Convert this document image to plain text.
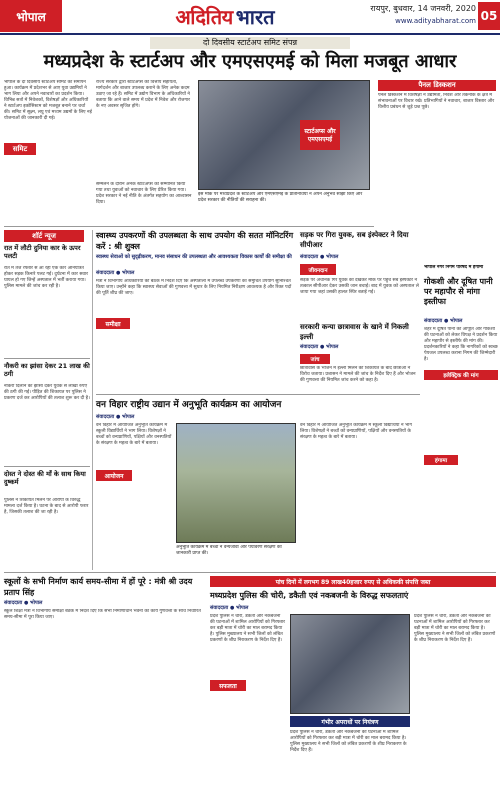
भोपाल	अदितिय भारत	रायपुर, बुधवार, 14 जनवरी, 2020
www.adityabharat.com 05
दो दिवसीय स्टार्टअप समिट संपन्न
मध्यप्रदेश के स्टार्टअप और एमएसएमई को मिला मजबूत आधार

भोपाल के दो दिवसीय स्टार्टअप समिट का समापन हुआ। कार्यक्रम में प्रदेशभर से आए युवा उद्यमियों ने भाग लिया और अपने नवाचारों का प्रदर्शन किया। विभिन्न सत्रों में निवेशकों, विशेषज्ञों और अधिकारियों ने स्टार्टअप इकोसिस्टम को मजबूत बनाने पर चर्चा की। समिट में सूक्ष्म, लघु एवं मध्यम उद्यमों के लिए नई योजनाओं की जानकारी दी गई।

समिट

राज्य सरकार द्वारा स्टार्टअप्स को वित्तीय सहायता, मार्गदर्शन और बाजार उपलब्ध कराने के लिए अनेक कदम उठाए जा रहे हैं। समिट में उद्योग विभाग के अधिकारियों ने बताया कि आने वाले समय में प्रदेश में निवेश और रोजगार के नए अवसर सृजित होंगे।

स्टार्टअप्स और एमएसएमई
इस मौके पर मध्यप्रदेश के स्टार्टअप और एमएसएमई के प्रतिनिधियों ने अपने अनुभव साझा किए और प्रदेश सरकार की नीतियों की सराहना की।

सम्मेलन के दौरान अनेक स्टार्टअप्स को सम्मानित किया गया तथा युवाओं को नवाचार के लिए प्रेरित किया गया। प्रदेश सरकार ने नई नीति के अंतर्गत सहयोग का आश्वासन दिया।

पैनल डिस्कशन

पैनल डिस्कशन में विशेषज्ञों ने उद्यमिता, निवेश और तकनीक के क्षेत्र में संभावनाओं पर विचार रखे। प्रतिभागियों ने नवाचार, बाजार विस्तार और वित्तीय प्रबंधन से जुड़े प्रश्न पूछे।

शॉर्ट न्यूज
रात में लौटी दुनिया कार के ऊपर पलटी
रात में तेज रफ्तार से आ रही एक कार अनियंत्रित होकर सड़क किनारे पलट गई। दुर्घटना में कार सवार घायल हो गए जिन्हें अस्पताल में भर्ती कराया गया। पुलिस मामले की जांच कर रही है।
नौकरी का झांसा देकर 21 लाख की ठगी
नौकरी दिलाने का झांसा देकर युवक से लाखों रुपए की ठगी की गई। पीड़ित की शिकायत पर पुलिस ने प्रकरण दर्ज कर आरोपियों की तलाश शुरू कर दी है।
दोस्त ने दोस्त की माँ के साथ किया दुष्कर्म
पुलिस ने शिकायत मिलने पर आरोपी के विरुद्ध मामला दर्ज किया है। घटना के बाद से आरोपी फरार है, जिसकी तलाश की जा रही है।
स्वास्थ्य उपकरणों की उपलब्धता के साथ उपयोग की सतत मॉनिटरिंग करें : श्री शुक्ल
स्वास्थ्य सेवाओं को सुदृढ़ीकरण, मानव संसाधन की उपलब्धता और आवश्यकता विकास कार्यों की समीक्षा की
संवाददाता ● भोपाल
समीक्षा
मंत्री ने विभागीय अधिकारियों की बैठक में निर्देश दिए कि अस्पतालों में उपलब्ध उपकरणों का समुचित उपयोग सुनिश्चित किया जाए। उन्होंने कहा कि स्वास्थ्य सेवाओं की गुणवत्ता में सुधार के लिए नियमित निरीक्षण आवश्यक है और रिक्त पदों की पूर्ति शीघ्र की जाए।
सड़क पर गिरा युवक, सब इंस्पेक्टर ने दिया सीपीआर
संवाददाता ● भोपाल
जीवनदान
सड़क पर अचानक गिरे युवक को देखकर मौके पर पहुंचे सब इंस्पेक्टर ने तत्काल सीपीआर देकर उसकी जान बचाई। बाद में युवक को अस्पताल ले जाया गया जहां उसकी हालत स्थिर बताई गई।
सरकारी कन्या छात्रावास के खाने में निकली इल्ली
संवाददाता ● भोपाल
जांच
छात्रावास के भोजन में इल्ली मिलने की शिकायत के बाद छात्राओं ने विरोध जताया। प्रशासन ने मामले की जांच के निर्देश दिए हैं और भोजन की गुणवत्ता की नियमित जांच करने को कहा है।
भोपाल नगर निगम परिषद में हंगामा
गोकशी और दूषित पानी पर महापौर से मांगा इस्तीफा
संवाददाता ● भोपाल
शहर में दूषित पानी की आपूर्ति और गोकशी की घटनाओं को लेकर विपक्ष ने प्रदर्शन किया और महापौर से इस्तीफे की मांग की। प्रदर्शनकारियों ने कहा कि नागरिकों को स्वच्छ पेयजल उपलब्ध कराना निगम की जिम्मेदारी है।
इलेक्ट्रिक की मांग
हंगामा
वन विहार राष्ट्रीय उद्यान में अनुभूति कार्यक्रम का आयोजन
संवाददाता ● भोपाल
वन विहार में आयोजित अनुभूति कार्यक्रम में स्कूली विद्यार्थियों ने भाग लिया। विशेषज्ञों ने बच्चों को वन्यप्राणियों, पक्षियों और वनस्पतियों के संरक्षण के महत्व के बारे में बताया।
आयोजन
अनुभूति कार्यक्रम में बच्चों ने वन्यजीवों और पर्यावरण संरक्षण की जानकारी प्राप्त की।
वन विहार में आयोजित अनुभूति कार्यक्रम में स्कूली विद्यार्थियों ने भाग लिया। विशेषज्ञों ने बच्चों को वन्यप्राणियों, पक्षियों और वनस्पतियों के संरक्षण के महत्व के बारे में बताया।
स्कूलों के सभी निर्माण कार्य समय-सीमा में हों पूरे : मंत्री श्री उदय प्रताप सिंह
संवाददाता ● भोपाल
स्कूल शिक्षा मंत्री ने विभागीय समीक्षा बैठक में निर्देश दिए कि सभी निर्माणाधीन भवनों का कार्य गुणवत्ता के साथ निर्धारित समय-सीमा में पूरा किया जाए।
पांच दिनों में लगभग 89 लाख40हजार रुपए से अधिककी संपत्ति जब्त
मध्यप्रदेश पुलिस की चोरी, डकैती एवं नकबजनी के विरुद्ध सफलताएं
संवाददाता ● भोपाल
प्रदेश पुलिस ने चोरी, डकैती और नकबजनी की घटनाओं में शामिल आरोपियों को गिरफ्तार कर बड़ी मात्रा में चोरी का माल बरामद किया है। पुलिस मुख्यालय ने सभी जिलों को लंबित प्रकरणों के शीघ्र निराकरण के निर्देश दिए हैं।
सफलता
गंभीर अपराधों पर नियंत्रण
प्रदेश पुलिस ने चोरी, डकैती और नकबजनी की घटनाओं में शामिल आरोपियों को गिरफ्तार कर बड़ी मात्रा में चोरी का माल बरामद किया है। पुलिस मुख्यालय ने सभी जिलों को लंबित प्रकरणों के शीघ्र निराकरण के निर्देश दिए हैं।
प्रदेश पुलिस ने चोरी, डकैती और नकबजनी की घटनाओं में शामिल आरोपियों को गिरफ्तार कर बड़ी मात्रा में चोरी का माल बरामद किया है। पुलिस मुख्यालय ने सभी जिलों को लंबित प्रकरणों के शीघ्र निराकरण के निर्देश दिए हैं।
